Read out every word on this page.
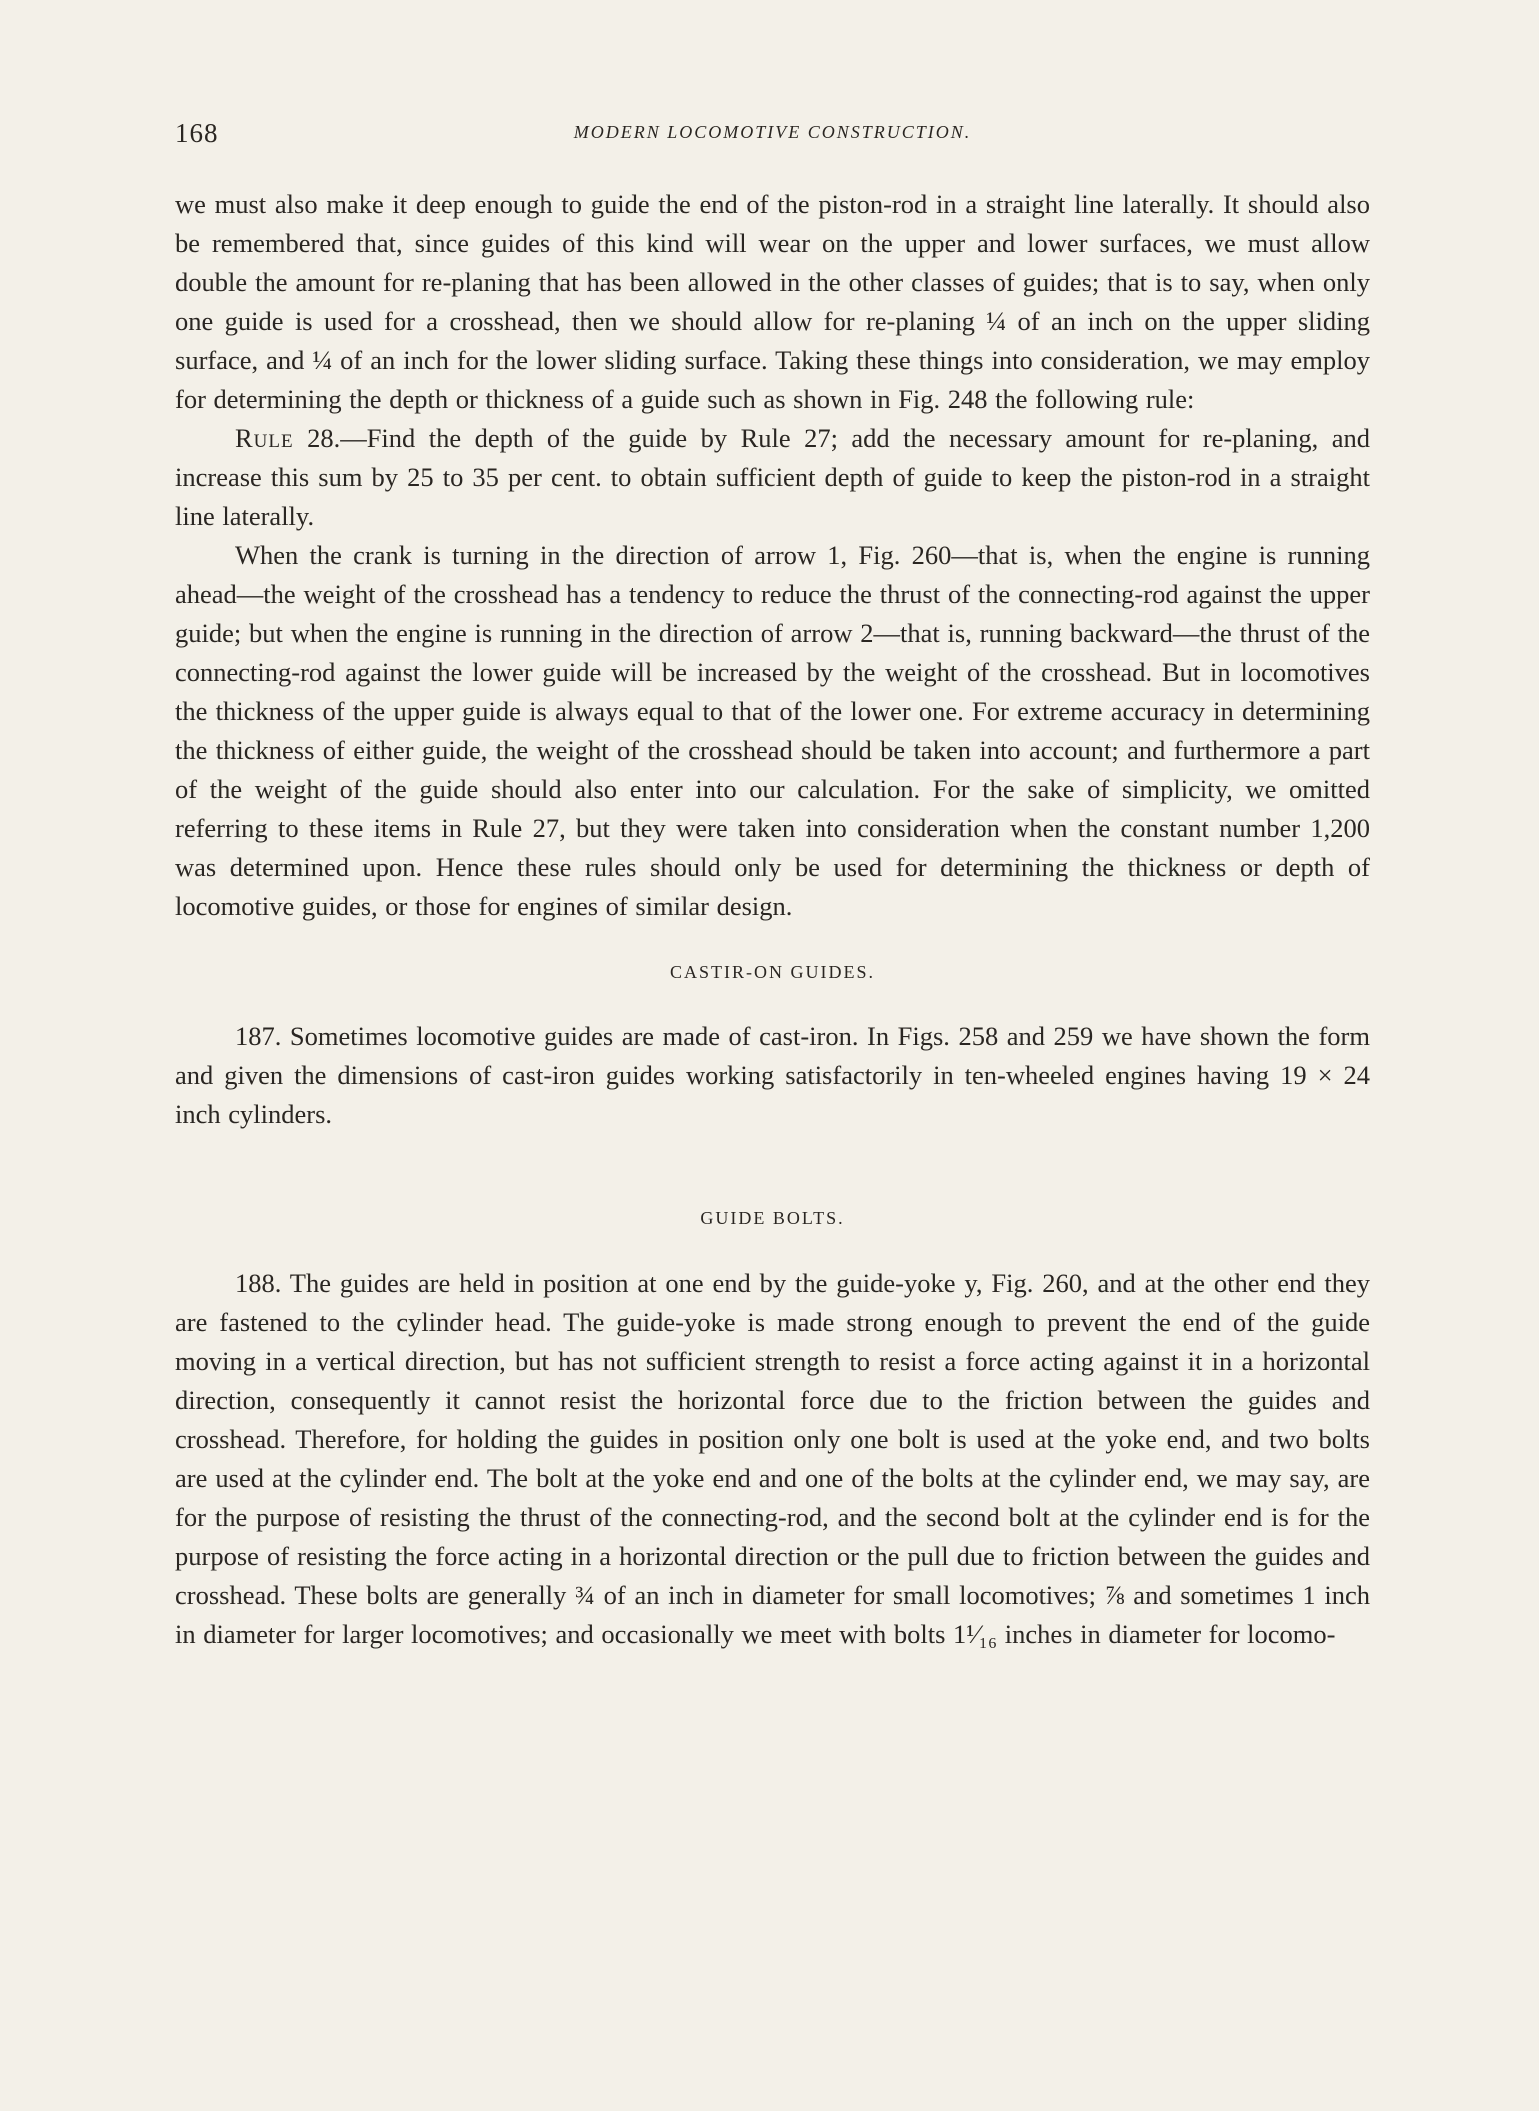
168	MODERN LOCOMOTIVE CONSTRUCTION.

we must also make it deep enough to guide the end of the piston-rod in a straight line laterally. It should also be remembered that, since guides of this kind will wear on the upper and lower surfaces, we must allow double the amount for re-planing that has been allowed in the other classes of guides; that is to say, when only one guide is used for a crosshead, then we should allow for re-planing ¼ of an inch on the upper sliding surface, and ¼ of an inch for the lower sliding surface. Taking these things into consideration, we may employ for determining the depth or thickness of a guide such as shown in Fig. 248 the following rule:

Rule 28.—Find the depth of the guide by Rule 27; add the necessary amount for re-planing, and increase this sum by 25 to 35 per cent. to obtain sufficient depth of guide to keep the piston-rod in a straight line laterally.

When the crank is turning in the direction of arrow 1, Fig. 260—that is, when the engine is running ahead—the weight of the crosshead has a tendency to reduce the thrust of the connecting-rod against the upper guide; but when the engine is running in the direction of arrow 2—that is, running backward—the thrust of the connecting-rod against the lower guide will be increased by the weight of the crosshead. But in locomotives the thickness of the upper guide is always equal to that of the lower one. For extreme accuracy in determining the thickness of either guide, the weight of the crosshead should be taken into account; and furthermore a part of the weight of the guide should also enter into our calculation. For the sake of simplicity, we omitted referring to these items in Rule 27, but they were taken into consideration when the constant number 1,200 was determined upon. Hence these rules should only be used for determining the thickness or depth of locomotive guides, or those for engines of similar design.

CASTIR-ON GUIDES.

187. Sometimes locomotive guides are made of cast-iron. In Figs. 258 and 259 we have shown the form and given the dimensions of cast-iron guides working satisfactorily in ten-wheeled engines having 19 × 24 inch cylinders.

GUIDE BOLTS.

188. The guides are held in position at one end by the guide-yoke y, Fig. 260, and at the other end they are fastened to the cylinder head. The guide-yoke is made strong enough to prevent the end of the guide moving in a vertical direction, but has not sufficient strength to resist a force acting against it in a horizontal direction, consequently it cannot resist the horizontal force due to the friction between the guides and crosshead. Therefore, for holding the guides in position only one bolt is used at the yoke end, and two bolts are used at the cylinder end. The bolt at the yoke end and one of the bolts at the cylinder end, we may say, are for the purpose of resisting the thrust of the connecting-rod, and the second bolt at the cylinder end is for the purpose of resisting the force acting in a horizontal direction or the pull due to friction between the guides and crosshead. These bolts are generally ¾ of an inch in diameter for small locomotives; ⅞ and sometimes 1 inch in diameter for larger locomotives; and occasionally we meet with bolts 1¹⁄₁₆ inches in diameter for locomo-
